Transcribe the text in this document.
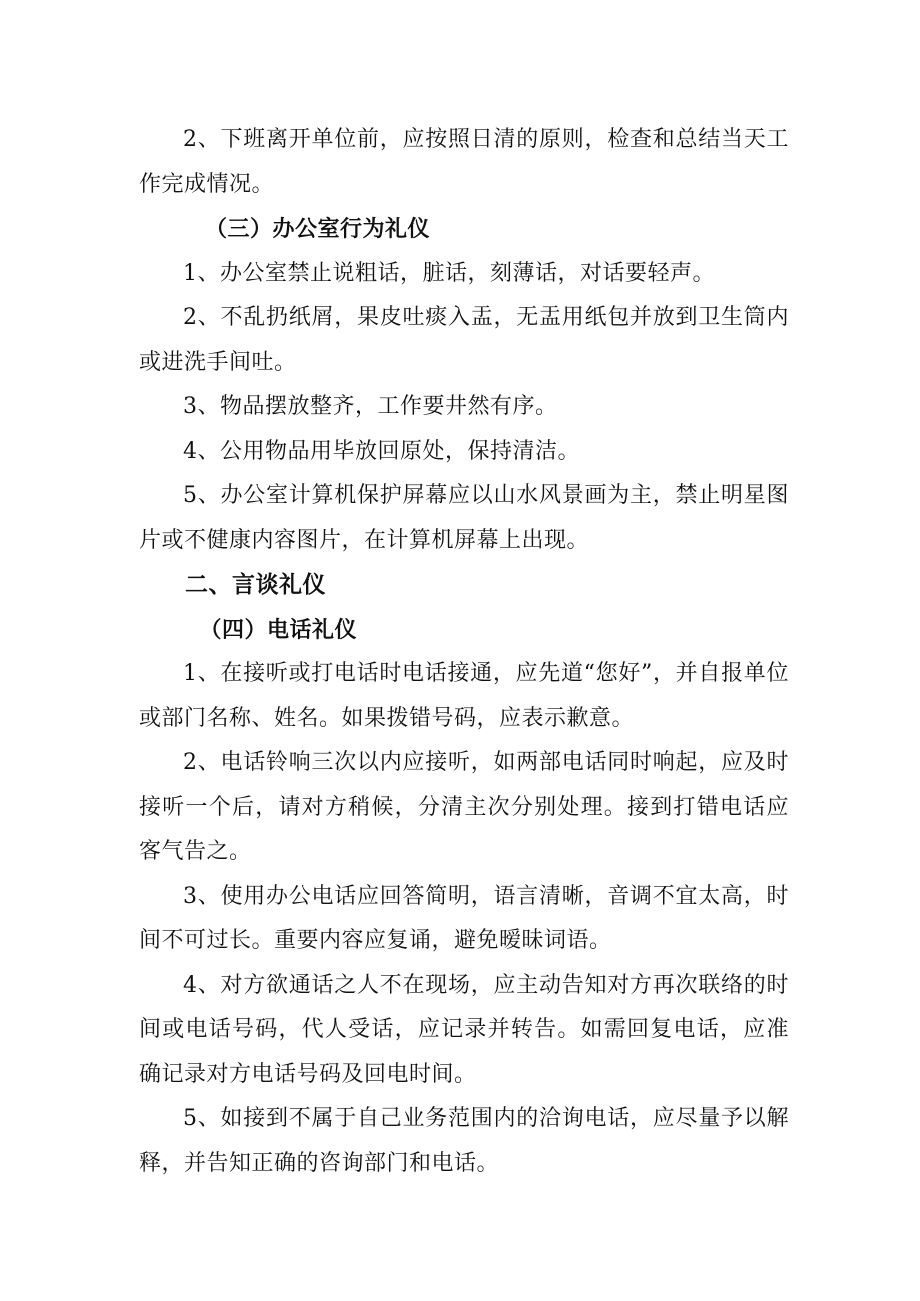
2、下班离开单位前，应按照日清的原则，检查和总结当天工作完成情况。

（三）办公室行为礼仪

1、办公室禁止说粗话，脏话，刻薄话，对话要轻声。

2、不乱扔纸屑，果皮吐痰入盂，无盂用纸包并放到卫生筒内或进洗手间吐。

3、物品摆放整齐，工作要井然有序。

4、公用物品用毕放回原处，保持清洁。

5、办公室计算机保护屏幕应以山水风景画为主，禁止明星图片或不健康内容图片，在计算机屏幕上出现。

二、言谈礼仪

（四）电话礼仪

1、在接听或打电话时电话接通，应先道“您好”，并自报单位或部门名称、姓名。如果拨错号码，应表示歉意。

2、电话铃响三次以内应接听，如两部电话同时响起，应及时接听一个后，请对方稍候，分清主次分别处理。接到打错电话应客气告之。

3、使用办公电话应回答简明，语言清晰，音调不宜太高，时间不可过长。重要内容应复诵，避免暧昧词语。

4、对方欲通话之人不在现场，应主动告知对方再次联络的时间或电话号码，代人受话，应记录并转告。如需回复电话，应准确记录对方电话号码及回电时间。

5、如接到不属于自己业务范围内的洽询电话，应尽量予以解释，并告知正确的咨询部门和电话。
